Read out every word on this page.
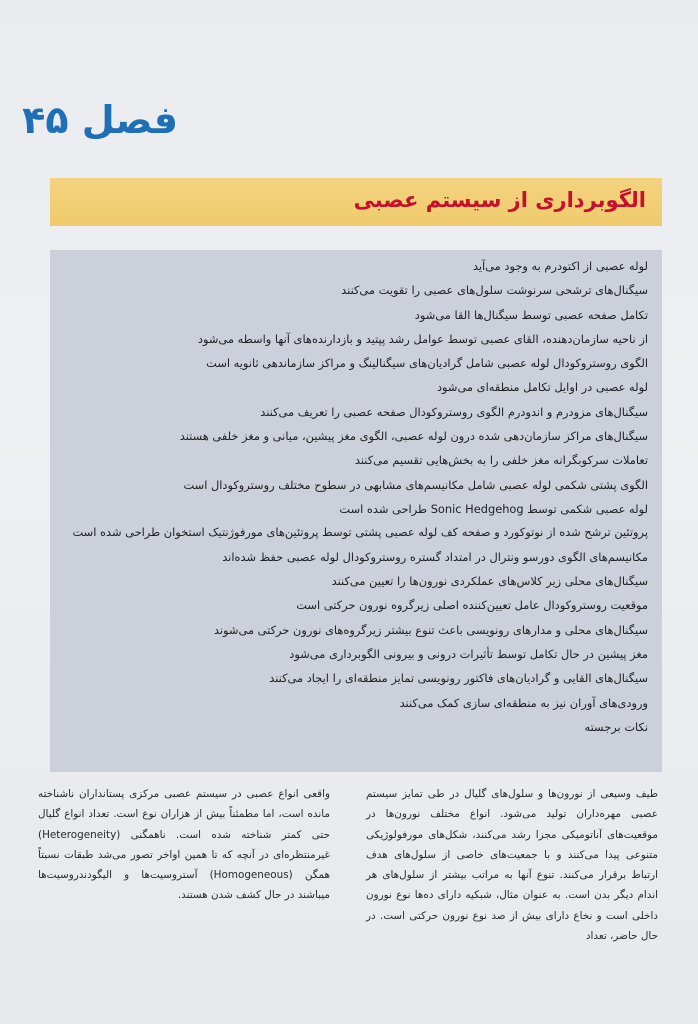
فصل ۴۵
الگوبرداری از سیستم عصبی
لوله عصبی از اکتودرم به وجود می‌آید
سیگنال‌های ترشحی سرنوشت سلول‌های عصبی را تقویت می‌کنند
تکامل صفحه عصبی توسط سیگنال‌ها القا می‌شود
از ناحیه سازمان‌دهنده، القای عصبی توسط عوامل رشد پپتید و بازدارنده‌های آنها واسطه می‌شود
الگوی روستروکودال لوله عصبی شامل گرادیان‌های سیگنالینگ و مراکز سازماندهی ثانویه است
لوله عصبی در اوایل تکامل منطقه‌ای می‌شود
سیگنال‌های مزودرم و اندودرم الگوی روستروکودال صفحه عصبی را تعریف می‌کنند
سیگنال‌های مراکز سازمان‌دهی شده درون لوله عصبی، الگوی مغز پیشین، میانی و مغز خلفی هستند
تعاملات سرکوبگرانه مغز خلفی را به بخش‌هایی تقسیم می‌کنند
الگوی پشتی شکمی لوله عصبی شامل مکانیسم‌های مشابهی در سطوح مختلف روستروکودال است
لوله عصبی شکمی توسط Sonic Hedgehog طراحی شده است
پروتئین ترشح شده از نوتوکورد و صفحه کف لوله عصبی پشتی توسط پروتئین‌های مورفوژنتیک استخوان طراحی شده است
مکانیسم‌های الگوی دورسو ونترال در امتداد گستره روستروکودال لوله عصبی حفظ شده‌اند
سیگنال‌های محلی زیر کلاس‌های عملکردی نورون‌ها را تعیین می‌کنند
موقعیت روستروکودال عامل تعیین‌کننده اصلی زیرگروه نورون حرکتی است
سیگنال‌های محلی و مدارهای رونویسی باعث تنوع بیشتر زیرگروه‌های نورون حرکتی می‌شوند
مغز پیشین در حال تکامل توسط تأثیرات درونی و بیرونی الگوبرداری می‌شود
سیگنال‌های القایی و گرادیان‌های فاکتور رونویسی تمایز منطقه‌ای را ایجاد می‌کنند
ورودی‌های آوران نیز به منطقه‌ای سازی کمک می‌کنند
نکات برجسته
طیف وسیعی از نورون‌ها و سلول‌های گلیال در طی تمایز سیستم عصبی مهره‌داران تولید می‌شود. انواع مختلف نورون‌ها در موقعیت‌های آناتومیکی مجزا رشد می‌کنند، شکل‌های مورفولوژیکی متنوعی پیدا می‌کنند و با جمعیت‌های خاصی از سلول‌های هدف ارتباط برقرار می‌کنند. تنوع آنها به مراتب بیشتر از سلول‌های هر اندام دیگر بدن است. به عنوان مثال، شبکیه دارای ده‌ها نوع نورون داخلی است و نخاع دارای بیش از صد نوع نورون حرکتی است. در حال حاضر، تعداد
واقعی انواع عصبی در سیستم عصبی مرکزی پستانداران ناشناخته مانده است، اما مطمئناً بیش از هزاران نوع است. تعداد انواع گلیال حتی کمتر شناخته شده است. ناهمگنی (Heterogeneity) غیرمنتظره‌ای در آنچه که تا همین اواخر تصور می‌شد طبقات نسبتاً همگن (Homogeneous) آستروسیت‌ها و الیگودندروسیت‌ها میباشند در حال کشف شدن هستند.
